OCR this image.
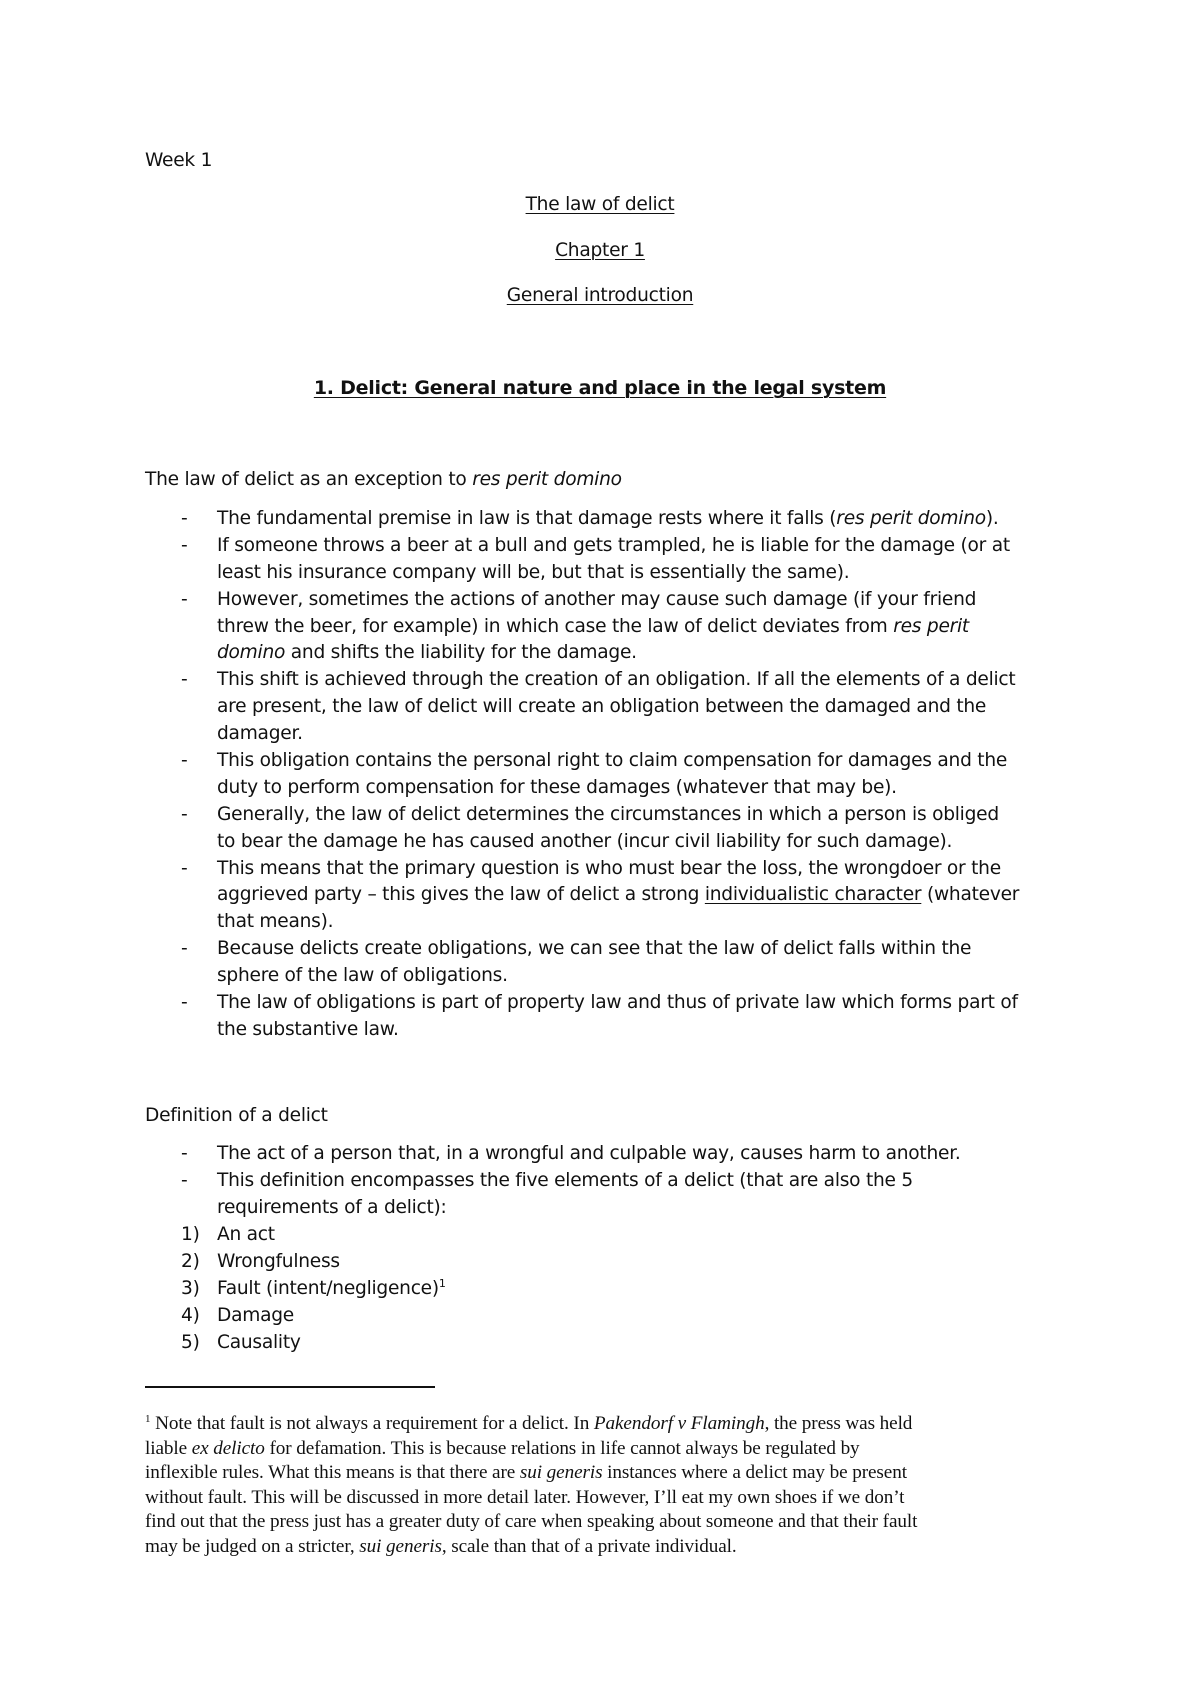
Week 1
The law of delict
Chapter 1
General introduction
1. Delict: General nature and place in the legal system
The law of delict as an exception to res perit domino
- The fundamental premise in law is that damage rests where it falls (res perit domino).
- If someone throws a beer at a bull and gets trampled, he is liable for the damage (or at
least his insurance company will be, but that is essentially the same).
- However, sometimes the actions of another may cause such damage (if your friend
threw the beer, for example) in which case the law of delict deviates from res perit
domino and shifts the liability for the damage.
- This shift is achieved through the creation of an obligation. If all the elements of a delict
are present, the law of delict will create an obligation between the damaged and the
damager.
- This obligation contains the personal right to claim compensation for damages and the
duty to perform compensation for these damages (whatever that may be).
- Generally, the law of delict determines the circumstances in which a person is obliged
to bear the damage he has caused another (incur civil liability for such damage).
- This means that the primary question is who must bear the loss, the wrongdoer or the
aggrieved party – this gives the law of delict a strong individualistic character (whatever
that means).
- Because delicts create obligations, we can see that the law of delict falls within the
sphere of the law of obligations.
- The law of obligations is part of property law and thus of private law which forms part of
the substantive law.
Definition of a delict
- The act of a person that, in a wrongful and culpable way, causes harm to another.
- This definition encompasses the five elements of a delict (that are also the 5
requirements of a delict):
1) An act
2) Wrongfulness
3) Fault (intent/negligence)$^1$
4) Damage
5) Causality
$^1$ Note that fault is not always a requirement for a delict. In Pakendorf v Flamingh, the press was held
liable ex delicto for defamation. This is because relations in life cannot always be regulated by
inflexible rules. What this means is that there are sui generis instances where a delict may be present
without fault. This will be discussed in more detail later. However, I’ll eat my own shoes if we don’t
find out that the press just has a greater duty of care when speaking about someone and that their fault
may be judged on a stricter, sui generis, scale than that of a private individual.
